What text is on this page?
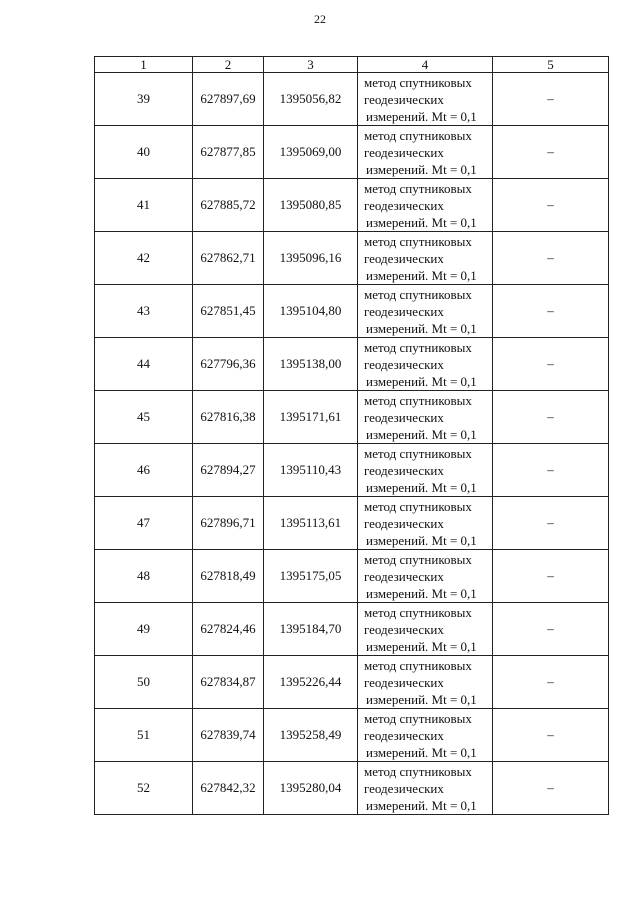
22
1	2	3	4	5
39	627897,69	1395056,82	метод спутниковых
геодезических
измерений. Mt = 0,1	–
40	627877,85	1395069,00	метод спутниковых
геодезических
измерений. Mt = 0,1	–
41	627885,72	1395080,85	метод спутниковых
геодезических
измерений. Mt = 0,1	–
42	627862,71	1395096,16	метод спутниковых
геодезических
измерений. Mt = 0,1	–
43	627851,45	1395104,80	метод спутниковых
геодезических
измерений. Mt = 0,1	–
44	627796,36	1395138,00	метод спутниковых
геодезических
измерений. Mt = 0,1	–
45	627816,38	1395171,61	метод спутниковых
геодезических
измерений. Mt = 0,1	–
46	627894,27	1395110,43	метод спутниковых
геодезических
измерений. Mt = 0,1	–
47	627896,71	1395113,61	метод спутниковых
геодезических
измерений. Mt = 0,1	–
48	627818,49	1395175,05	метод спутниковых
геодезических
измерений. Mt = 0,1	–
49	627824,46	1395184,70	метод спутниковых
геодезических
измерений. Mt = 0,1	–
50	627834,87	1395226,44	метод спутниковых
геодезических
измерений. Mt = 0,1	–
51	627839,74	1395258,49	метод спутниковых
геодезических
измерений. Mt = 0,1	–
52	627842,32	1395280,04	метод спутниковых
геодезических
измерений. Mt = 0,1	–
